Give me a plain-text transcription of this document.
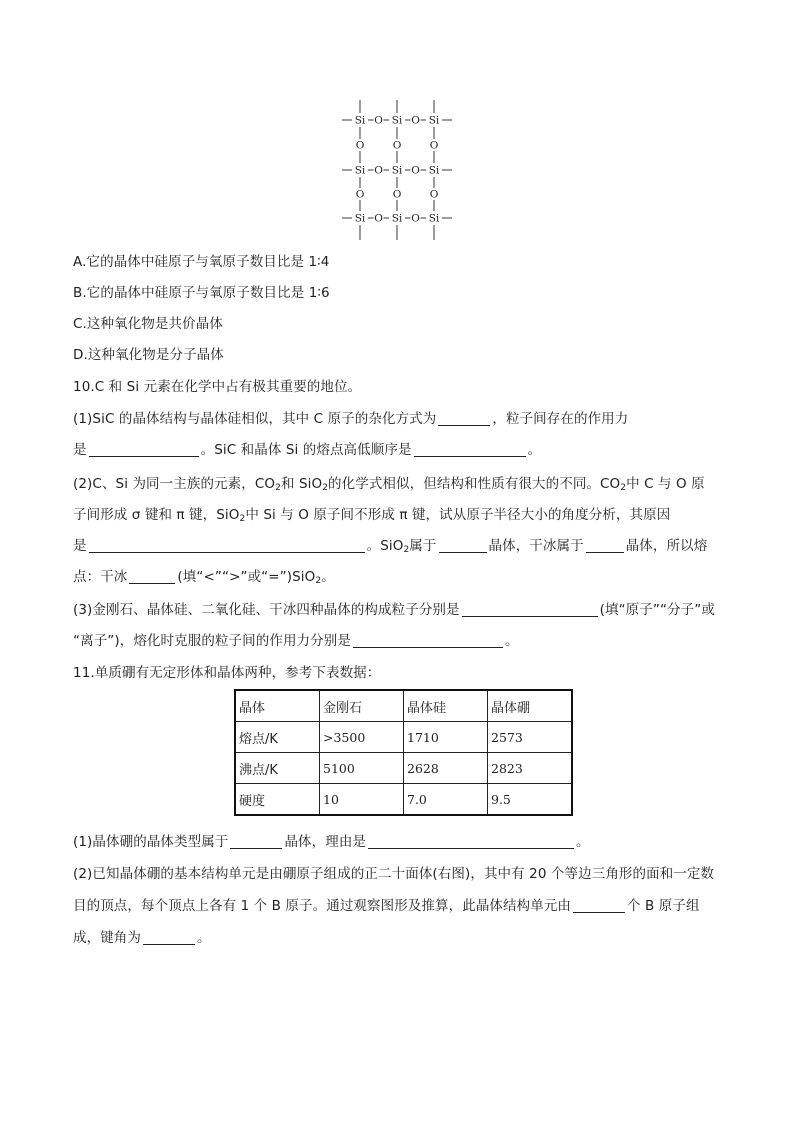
O	O
O	O
O	O
O
O
Si
Si
Si
O
O
Si
Si
Si
O
O
Si
Si
Si
A.它的晶体中硅原子与氧原子数目比是 1∶4
B.它的晶体中硅原子与氧原子数目比是 1∶6
C.这种氧化物是共价晶体
D.这种氧化物是分子晶体
10.C 和 Si 元素在化学中占有极其重要的地位。
(1)SiC 的晶体结构与晶体硅相似，其中 C 原子的杂化方式为	，粒子间存在的作用力
是	。SiC 和晶体 Si 的熔点高低顺序是	。
(2)C、Si 为同一主族的元素，$CO_2$和 SiO$_2$的化学式相似，但结构和性质有很大的不同。$CO_2$中 C 与 O 原
子间形成 σ 键和 π 键，SiO$_2$中 Si 与 O 原子间不形成 π 键，试从原子半径大小的角度分析，其原因
是	。SiO$_2$属于	晶体，干冰属于	晶体，所以熔
点：干冰	(填“<”“>”或“=”)SiO$_2$。
(3)金刚石、晶体硅、二氧化硅、干冰四种晶体的构成粒子分别是	(填“原子”“分子”或
“离子”)，熔化时克服的粒子间的作用力分别是	。
11.单质硼有无定形体和晶体两种，参考下表数据：
晶体	金刚石	晶体硅	晶体硼
熔点/K	>3500	1710	2573
沸点/K	5100	2628	2823
硬度	10	7.0	9.5
(1)晶体硼的晶体类型属于	晶体，理由是	。
(2)已知晶体硼的基本结构单元是由硼原子组成的正二十面体(右图)，其中有 20 个等边三角形的面和一定数
目的顶点，每个顶点上各有 1 个 B 原子。通过观察图形及推算，此晶体结构单元由	个 B 原子组
成，键角为	。
